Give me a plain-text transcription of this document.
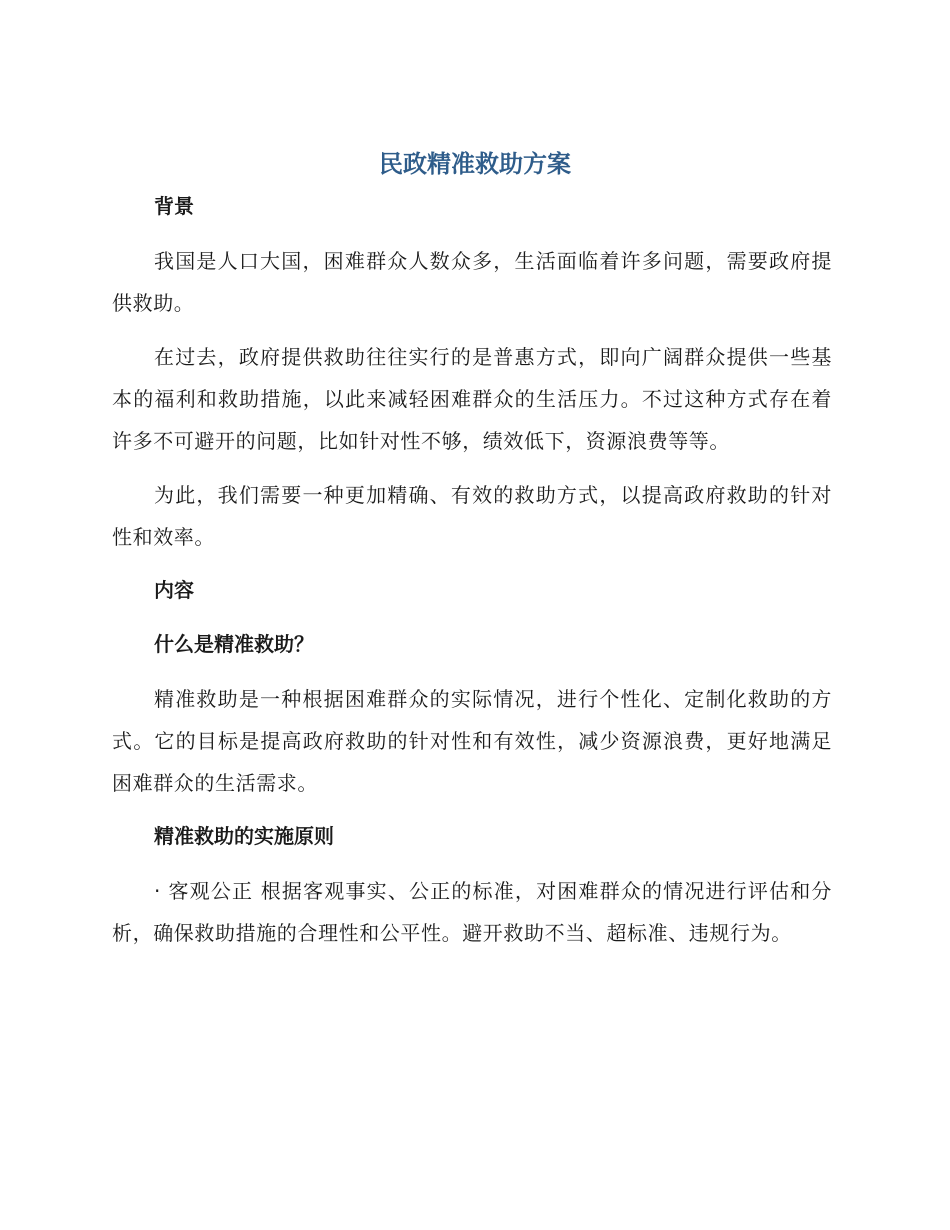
民政精准救助方案
背景

我国是人口大国，困难群众人数众多，生活面临着许多问题，需要政府提供救助。

在过去，政府提供救助往往实行的是普惠方式，即向广阔群众提供一些基本的福利和救助措施，以此来减轻困难群众的生活压力。不过这种方式存在着许多不可避开的问题，比如针对性不够，绩效低下，资源浪费等等。

为此，我们需要一种更加精确、有效的救助方式，以提高政府救助的针对性和效率。

内容
什么是精准救助？

精准救助是一种根据困难群众的实际情况，进行个性化、定制化救助的方式。它的目标是提高政府救助的针对性和有效性，减少资源浪费，更好地满足困难群众的生活需求。

精准救助的实施原则

· 客观公正 根据客观事实、公正的标准，对困难群众的情况进行评估和分析，确保救助措施的合理性和公平性。避开救助不当、超标准、违规行为。
